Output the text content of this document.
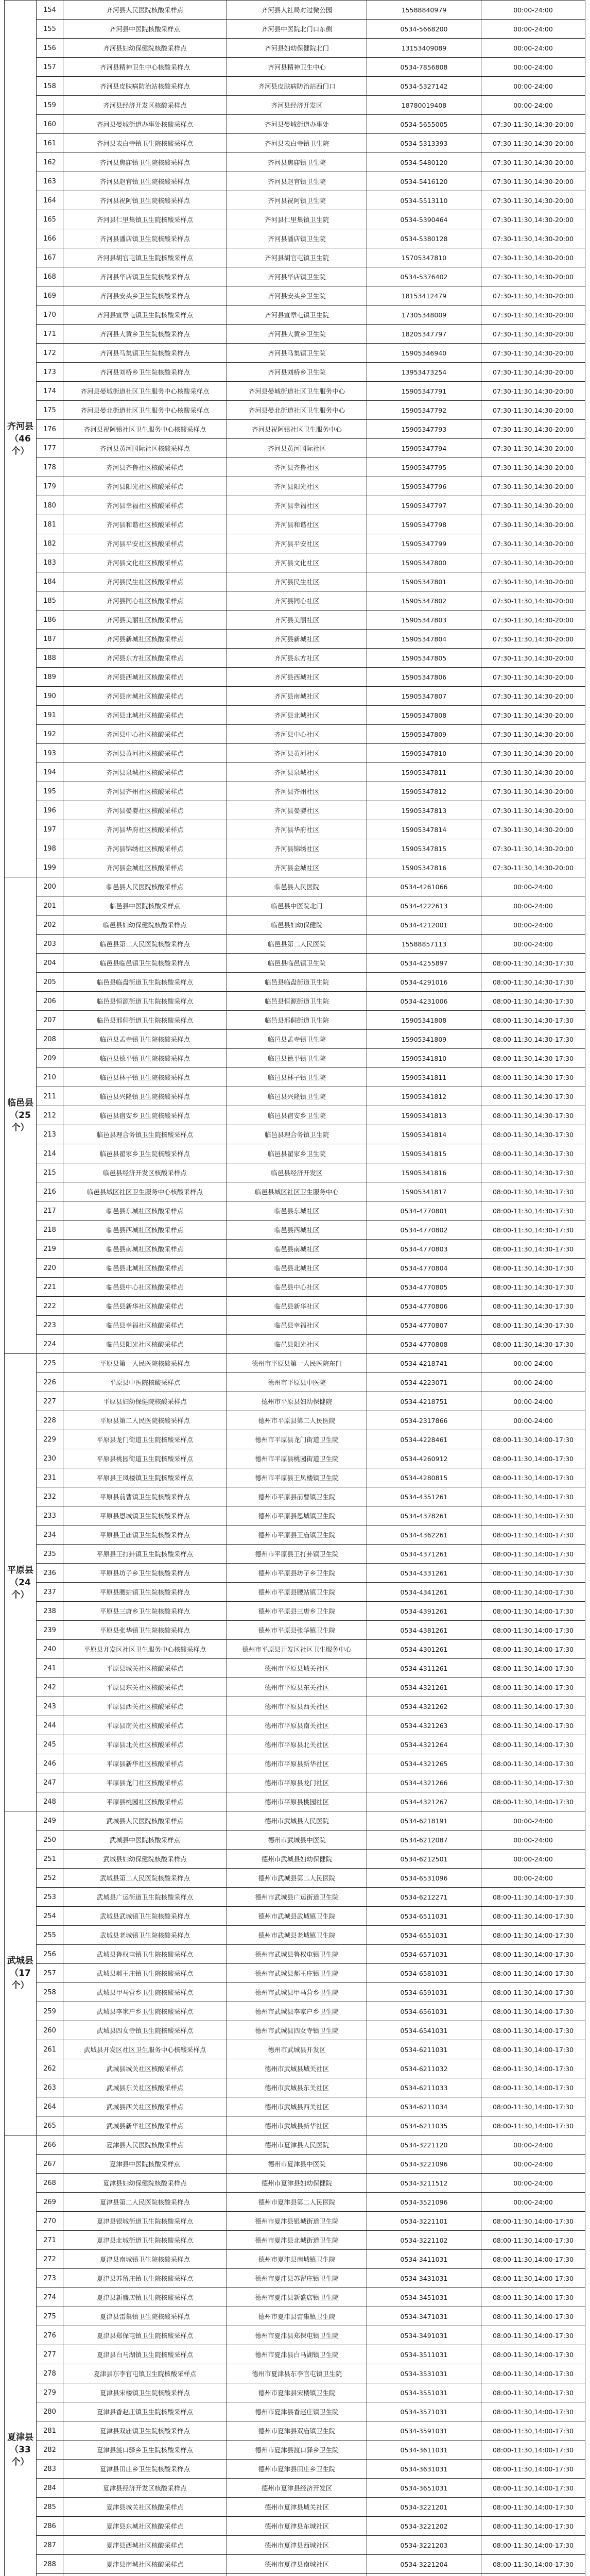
齐河县
（46个）	154	齐河县人民医院核酸采样点	齐河县人社局对过微公园	15588840979	00:00-24:00
	155	齐河县中医院核酸采样点	齐河县中医院北门口东侧	0534-5668200	00:00-24:00
	156	齐河县妇幼保健院核酸采样点	齐河县妇幼保健院北门	13153409089	00:00-24:00
	157	齐河县精神卫生中心核酸采样点	齐河县精神卫生中心	0534-7856808	00:00-24:00
	158	齐河县皮肤病防治站核酸采样点	齐河县皮肤病防治站西门口	0534-5327142	00:00-24:00
	159	齐河县经济开发区核酸采样点	齐河县经济开发区	18780019408	00:00-24:00
	160	齐河县晏城街道办事处核酸采样点	齐河县晏城街道办事处	0534-5655005	07:30-11:30,14:30-20:00
	161	齐河县表白寺镇卫生院核酸采样点	齐河县表白寺镇卫生院	0534-5313393	07:30-11:30,14:30-20:00
	162	齐河县焦庙镇卫生院核酸采样点	齐河县焦庙镇卫生院	0534-5480120	07:30-11:30,14:30-20:00
	163	齐河县赵官镇卫生院核酸采样点	齐河县赵官镇卫生院	0534-5416120	07:30-11:30,14:30-20:00
	164	齐河县祝阿镇卫生院核酸采样点	齐河县祝阿镇卫生院	0534-5513110	07:30-11:30,14:30-20:00
	165	齐河县仁里集镇卫生院核酸采样点	齐河县仁里集镇卫生院	0534-5390464	07:30-11:30,14:30-20:00
	166	齐河县潘店镇卫生院核酸采样点	齐河县潘店镇卫生院	0534-5380128	07:30-11:30,14:30-20:00
	167	齐河县胡官屯镇卫生院核酸采样点	齐河县胡官屯镇卫生院	15705347810	07:30-11:30,14:30-20:00
	168	齐河县华店镇卫生院核酸采样点	齐河县华店镇卫生院	0534-5376402	07:30-11:30,14:30-20:00
	169	齐河县安头乡卫生院核酸采样点	齐河县安头乡卫生院	18153412479	07:30-11:30,14:30-20:00
	170	齐河县宣章屯镇卫生院核酸采样点	齐河县宣章屯镇卫生院	17305348009	07:30-11:30,14:30-20:00
	171	齐河县大黄乡卫生院核酸采样点	齐河县大黄乡卫生院	18205347797	07:30-11:30,14:30-20:00
	172	齐河县马集镇卫生院核酸采样点	齐河县马集镇卫生院	15905346940	07:30-11:30,14:30-20:00
	173	齐河县刘桥乡卫生院核酸采样点	齐河县刘桥乡卫生院	13953473254	07:30-11:30,14:30-20:00
	174	齐河县晏城街道社区卫生服务中心核酸采样点	齐河县晏城街道社区卫生服务中心	15905347791	07:30-11:30,14:30-20:00
	175	齐河县晏北街道社区卫生服务中心核酸采样点	齐河县晏北街道社区卫生服务中心	15905347792	07:30-11:30,14:30-20:00
	176	齐河县祝阿镇社区卫生服务中心核酸采样点	齐河县祝阿镇社区卫生服务中心	15905347793	07:30-11:30,14:30-20:00
	177	齐河县黄河国际社区核酸采样点	齐河县黄河国际社区	15905347794	07:30-11:30,14:30-20:00
	178	齐河县齐鲁社区核酸采样点	齐河县齐鲁社区	15905347795	07:30-11:30,14:30-20:00
	179	齐河县阳光社区核酸采样点	齐河县阳光社区	15905347796	07:30-11:30,14:30-20:00
	180	齐河县幸福社区核酸采样点	齐河县幸福社区	15905347797	07:30-11:30,14:30-20:00
	181	齐河县和谐社区核酸采样点	齐河县和谐社区	15905347798	07:30-11:30,14:30-20:00
	182	齐河县平安社区核酸采样点	齐河县平安社区	15905347799	07:30-11:30,14:30-20:00
	183	齐河县文化社区核酸采样点	齐河县文化社区	15905347800	07:30-11:30,14:30-20:00
	184	齐河县民生社区核酸采样点	齐河县民生社区	15905347801	07:30-11:30,14:30-20:00
	185	齐河县同心社区核酸采样点	齐河县同心社区	15905347802	07:30-11:30,14:30-20:00
	186	齐河县美丽社区核酸采样点	齐河县美丽社区	15905347803	07:30-11:30,14:30-20:00
	187	齐河县新城社区核酸采样点	齐河县新城社区	15905347804	07:30-11:30,14:30-20:00
	188	齐河县东方社区核酸采样点	齐河县东方社区	15905347805	07:30-11:30,14:30-20:00
	189	齐河县西城社区核酸采样点	齐河县西城社区	15905347806	07:30-11:30,14:30-20:00
	190	齐河县南城社区核酸采样点	齐河县南城社区	15905347807	07:30-11:30,14:30-20:00
	191	齐河县北城社区核酸采样点	齐河县北城社区	15905347808	07:30-11:30,14:30-20:00
	192	齐河县中心社区核酸采样点	齐河县中心社区	15905347809	07:30-11:30,14:30-20:00
	193	齐河县黄河社区核酸采样点	齐河县黄河社区	15905347810	07:30-11:30,14:30-20:00
	194	齐河县泉城社区核酸采样点	齐河县泉城社区	15905347811	07:30-11:30,14:30-20:00
	195	齐河县齐州社区核酸采样点	齐河县齐州社区	15905347812	07:30-11:30,14:30-20:00
	196	齐河县晏婴社区核酸采样点	齐河县晏婴社区	15905347813	07:30-11:30,14:30-20:00
	197	齐河县华府社区核酸采样点	齐河县华府社区	15905347814	07:30-11:30,14:30-20:00
	198	齐河县锦绣社区核酸采样点	齐河县锦绣社区	15905347815	07:30-11:30,14:30-20:00
	199	齐河县金城社区核酸采样点	齐河县金城社区	15905347816	07:30-11:30,14:30-20:00
临邑县
（25个）	200	临邑县人民医院核酸采样点	临邑县人民医院	0534-4261066	00:00-24:00
	201	临邑县中医院核酸采样点	临邑县中医院北门	0534-4222613	00:00-24:00
	202	临邑县妇幼保健院核酸采样点	临邑县妇幼保健院	0534-4212001	00:00-24:00
	203	临邑县第二人民医院核酸采样点	临邑县第二人民医院	15588857113	00:00-24:00
	204	临邑县临邑镇卫生院核酸采样点	临邑县临邑镇卫生院	0534-4255897	08:00-11:30,14:30-17:30
	205	临邑县临盘街道卫生院核酸采样点	临邑县临盘街道卫生院	0534-4291016	08:00-11:30,14:30-17:30
	206	临邑县恒源街道卫生院核酸采样点	临邑县恒源街道卫生院	0534-4231006	08:00-11:30,14:30-17:30
	207	临邑县邢侗街道卫生院核酸采样点	临邑县邢侗街道卫生院	15905341808	08:00-11:30,14:30-17:30
	208	临邑县孟寺镇卫生院核酸采样点	临邑县孟寺镇卫生院	15905341809	08:00-11:30,14:30-17:30
	209	临邑县德平镇卫生院核酸采样点	临邑县德平镇卫生院	15905341810	08:00-11:30,14:30-17:30
	210	临邑县林子镇卫生院核酸采样点	临邑县林子镇卫生院	15905341811	08:00-11:30,14:30-17:30
	211	临邑县兴隆镇卫生院核酸采样点	临邑县兴隆镇卫生院	15905341812	08:00-11:30,14:30-17:30
	212	临邑县宿安乡卫生院核酸采样点	临邑县宿安乡卫生院	15905341813	08:00-11:30,14:30-17:30
	213	临邑县理合务镇卫生院核酸采样点	临邑县理合务镇卫生院	15905341814	08:00-11:30,14:30-17:30
	214	临邑县翟家乡卫生院核酸采样点	临邑县翟家乡卫生院	15905341815	08:00-11:30,14:30-17:30
	215	临邑县经济开发区核酸采样点	临邑县经济开发区	15905341816	08:00-11:30,14:30-17:30
	216	临邑县城区社区卫生服务中心核酸采样点	临邑县城区社区卫生服务中心	15905341817	08:00-11:30,14:30-17:30
	217	临邑县东城社区核酸采样点	临邑县东城社区	0534-4770801	08:00-11:30,14:30-17:30
	218	临邑县西城社区核酸采样点	临邑县西城社区	0534-4770802	08:00-11:30,14:30-17:30
	219	临邑县南城社区核酸采样点	临邑县南城社区	0534-4770803	08:00-11:30,14:30-17:30
	220	临邑县北城社区核酸采样点	临邑县北城社区	0534-4770804	08:00-11:30,14:30-17:30
	221	临邑县中心社区核酸采样点	临邑县中心社区	0534-4770805	08:00-11:30,14:30-17:30
	222	临邑县新华社区核酸采样点	临邑县新华社区	0534-4770806	08:00-11:30,14:30-17:30
	223	临邑县幸福社区核酸采样点	临邑县幸福社区	0534-4770807	08:00-11:30,14:30-17:30
	224	临邑县阳光社区核酸采样点	临邑县阳光社区	0534-4770808	08:00-11:30,14:30-17:30
平原县
（24个）	225	平原县第一人民医院核酸采样点	德州市平原县第一人民医院东门	0534-4218741	00:00-24:00
	226	平原县中医院核酸采样点	德州市平原县中医院	0534-4223071	00:00-24:00
	227	平原县妇幼保健院核酸采样点	德州市平原县妇幼保健院	0534-4218751	00:00-24:00
	228	平原县第二人民医院核酸采样点	德州市平原县第二人民医院	0534-2317866	00:00-24:00
	229	平原县龙门街道卫生院核酸采样点	德州市平原县龙门街道卫生院	0534-4228461	08:00-11:30,14:00-17:30
	230	平原县桃园街道卫生院核酸采样点	德州市平原县桃园街道卫生院	0534-4260912	08:00-11:30,14:00-17:30
	231	平原县王凤楼镇卫生院核酸采样点	德州市平原县王凤楼镇卫生院	0534-4280815	08:00-11:30,14:00-17:30
	232	平原县前曹镇卫生院核酸采样点	德州市平原县前曹镇卫生院	0534-4351261	08:00-11:30,14:00-17:30
	233	平原县恩城镇卫生院核酸采样点	德州市平原县恩城镇卫生院	0534-4378261	08:00-11:30,14:00-17:30
	234	平原县王庙镇卫生院核酸采样点	德州市平原县王庙镇卫生院	0534-4362261	08:00-11:30,14:00-17:30
	235	平原县王打卦镇卫生院核酸采样点	德州市平原县王打卦镇卫生院	0534-4371261	08:00-11:30,14:00-17:30
	236	平原县坊子乡卫生院核酸采样点	德州市平原县坊子乡卫生院	0534-4331261	08:00-11:30,14:00-17:30
	237	平原县腰站镇卫生院核酸采样点	德州市平原县腰站镇卫生院	0534-4341261	08:00-11:30,14:00-17:30
	238	平原县三唐乡卫生院核酸采样点	德州市平原县三唐乡卫生院	0534-4391261	08:00-11:30,14:00-17:30
	239	平原县张华镇卫生院核酸采样点	德州市平原县张华镇卫生院	0534-4381261	08:00-11:30,14:00-17:30
	240	平原县开发区社区卫生服务中心核酸采样点	德州市平原县开发区社区卫生服务中心	0534-4301261	08:00-11:30,14:00-17:30
	241	平原县城关社区核酸采样点	德州市平原县城关社区	0534-4311261	08:00-11:30,14:00-17:30
	242	平原县东关社区核酸采样点	德州市平原县东关社区	0534-4321261	08:00-11:30,14:00-17:30
	243	平原县西关社区核酸采样点	德州市平原县西关社区	0534-4321262	08:00-11:30,14:00-17:30
	244	平原县南关社区核酸采样点	德州市平原县南关社区	0534-4321263	08:00-11:30,14:00-17:30
	245	平原县北关社区核酸采样点	德州市平原县北关社区	0534-4321264	08:00-11:30,14:00-17:30
	246	平原县新华社区核酸采样点	德州市平原县新华社区	0534-4321265	08:00-11:30,14:00-17:30
	247	平原县龙门社区核酸采样点	德州市平原县龙门社区	0534-4321266	08:00-11:30,14:00-17:30
	248	平原县桃园社区核酸采样点	德州市平原县桃园社区	0534-4321267	08:00-11:30,14:00-17:30
武城县
（17个）	249	武城县人民医院核酸采样点	德州市武城县人民医院	0534-6218191	00:00-24:00
	250	武城县中医院核酸采样点	德州市武城县中医院	0534-6212087	00:00-24:00
	251	武城县妇幼保健院核酸采样点	德州市武城县妇幼保健院	0534-6212501	00:00-24:00
	252	武城县第二人民医院核酸采样点	德州市武城县第二人民医院	0534-6531096	00:00-24:00
	253	武城县广运街道卫生院核酸采样点	德州市武城县广运街道卫生院	0534-6212271	08:00-11:30,14:00-17:30
	254	武城县武城镇卫生院核酸采样点	德州市武城县武城镇卫生院	0534-6511031	08:00-11:30,14:00-17:30
	255	武城县老城镇卫生院核酸采样点	德州市武城县老城镇卫生院	0534-6551031	08:00-11:30,14:00-17:30
	256	武城县鲁权屯镇卫生院核酸采样点	德州市武城县鲁权屯镇卫生院	0534-6571031	08:00-11:30,14:00-17:30
	257	武城县郝王庄镇卫生院核酸采样点	德州市武城县郝王庄镇卫生院	0534-6581031	08:00-11:30,14:00-17:30
	258	武城县甲马营乡卫生院核酸采样点	德州市武城县甲马营乡卫生院	0534-6591031	08:00-11:30,14:00-17:30
	259	武城县李家户乡卫生院核酸采样点	德州市武城县李家户乡卫生院	0534-6561031	08:00-11:30,14:00-17:30
	260	武城县四女寺镇卫生院核酸采样点	德州市武城县四女寺镇卫生院	0534-6541031	08:00-11:30,14:00-17:30
	261	武城县开发区社区卫生服务中心核酸采样点	德州市武城县开发区	0534-6211031	08:00-11:30,14:00-17:30
	262	武城县城关社区核酸采样点	德州市武城县城关社区	0534-6211032	08:00-11:30,14:00-17:30
	263	武城县东关社区核酸采样点	德州市武城县东关社区	0534-6211033	08:00-11:30,14:00-17:30
	264	武城县西关社区核酸采样点	德州市武城县西关社区	0534-6211034	08:00-11:30,14:00-17:30
	265	武城县新华社区核酸采样点	德州市武城县新华社区	0534-6211035	08:00-11:30,14:00-17:30
夏津县
（33个）	266	夏津县人民医院核酸采样点	德州市夏津县人民医院	0534-3221120	00:00-24:00
	267	夏津县中医院核酸采样点	德州市夏津县中医院	0534-3221096	00:00-24:00
	268	夏津县妇幼保健院核酸采样点	德州市夏津县妇幼保健院	0534-3211512	00:00-24:00
	269	夏津县第二人民医院核酸采样点	德州市夏津县第二人民医院	0534-3521096	00:00-24:00
	270	夏津县银城街道卫生院核酸采样点	德州市夏津县银城街道卫生院	0534-3221101	08:00-11:30,14:00-17:30
	271	夏津县北城街道卫生院核酸采样点	德州市夏津县北城街道卫生院	0534-3221102	08:00-11:30,14:00-17:30
	272	夏津县南城镇卫生院核酸采样点	德州市夏津县南城镇卫生院	0534-3411031	08:00-11:30,14:00-17:30
	273	夏津县苏留庄镇卫生院核酸采样点	德州市夏津县苏留庄镇卫生院	0534-3431031	08:00-11:30,14:00-17:30
	274	夏津县新盛店镇卫生院核酸采样点	德州市夏津县新盛店镇卫生院	0534-3451031	08:00-11:30,14:00-17:30
	275	夏津县雷集镇卫生院核酸采样点	德州市夏津县雷集镇卫生院	0534-3471031	08:00-11:30,14:00-17:30
	276	夏津县郑保屯镇卫生院核酸采样点	德州市夏津县郑保屯镇卫生院	0534-3491031	08:00-11:30,14:00-17:30
	277	夏津县白马湖镇卫生院核酸采样点	德州市夏津县白马湖镇卫生院	0534-3511031	08:00-11:30,14:00-17:30
	278	夏津县东李官屯镇卫生院核酸采样点	德州市夏津县东李官屯镇卫生院	0534-3531031	08:00-11:30,14:00-17:30
	279	夏津县宋楼镇卫生院核酸采样点	德州市夏津县宋楼镇卫生院	0534-3551031	08:00-11:30,14:00-17:30
	280	夏津县香赵庄镇卫生院核酸采样点	德州市夏津县香赵庄镇卫生院	0534-3571031	08:00-11:30,14:00-17:30
	281	夏津县双庙镇卫生院核酸采样点	德州市夏津县双庙镇卫生院	0534-3591031	08:00-11:30,14:00-17:30
	282	夏津县渡口驿乡卫生院核酸采样点	德州市夏津县渡口驿乡卫生院	0534-3611031	08:00-11:30,14:00-17:30
	283	夏津县田庄乡卫生院核酸采样点	德州市夏津县田庄乡卫生院	0534-3631031	08:00-11:30,14:00-17:30
	284	夏津县经济开发区核酸采样点	德州市夏津县经济开发区	0534-3651031	08:00-11:30,14:00-17:30
	285	夏津县城关社区核酸采样点	德州市夏津县城关社区	0534-3221201	08:00-11:30,14:00-17:30
	286	夏津县东城社区核酸采样点	德州市夏津县东城社区	0534-3221202	08:00-11:30,14:00-17:30
	287	夏津县西城社区核酸采样点	德州市夏津县西城社区	0534-3221203	08:00-11:30,14:00-17:30
	288	夏津县南城社区核酸采样点	德州市夏津县南城社区	0534-3221204	08:00-11:30,14:00-17:30
